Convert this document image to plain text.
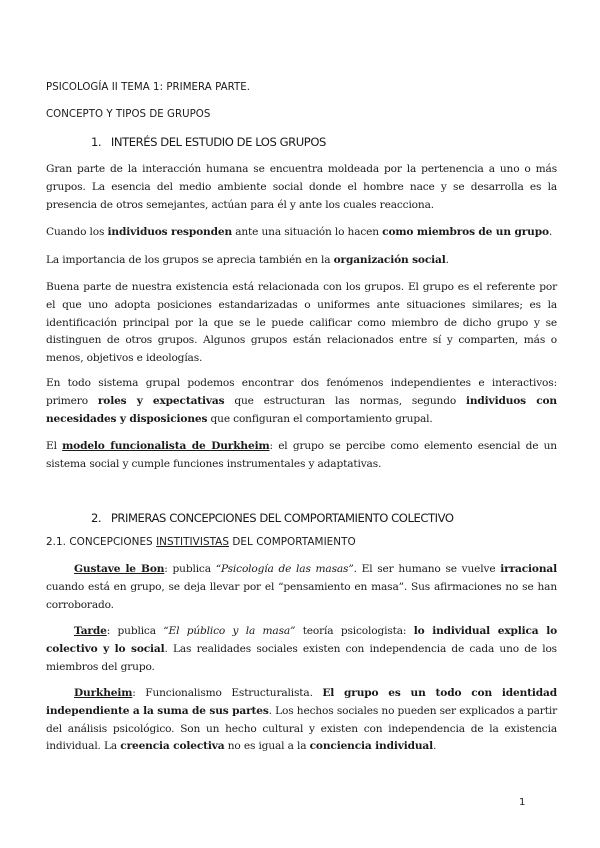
PSICOLOGÍA II TEMA 1: PRIMERA PARTE.
CONCEPTO Y TIPOS DE GRUPOS
1. INTERÉS DEL ESTUDIO DE LOS GRUPOS
Gran parte de la interacción humana se encuentra moldeada por la pertenencia a uno o más grupos. La esencia del medio ambiente social donde el hombre nace y se desarrolla es la presencia de otros semejantes, actúan para él y ante los cuales reacciona.
Cuando los individuos responden ante una situación lo hacen como miembros de un grupo.
La importancia de los grupos se aprecia también en la organización social.
Buena parte de nuestra existencia está relacionada con los grupos. El grupo es el referente por el que uno adopta posiciones estandarizadas o uniformes ante situaciones similares; es la identificación principal por la que se le puede calificar como miembro de dicho grupo y se distinguen de otros grupos. Algunos grupos están relacionados entre sí y comparten, más o menos, objetivos e ideologías.
En todo sistema grupal podemos encontrar dos fenómenos independientes e interactivos: primero roles y expectativas que estructuran las normas, segundo individuos con necesidades y disposiciones que configuran el comportamiento grupal.
El modelo funcionalista de Durkheim: el grupo se percibe como elemento esencial de un sistema social y cumple funciones instrumentales y adaptativas.
2. PRIMERAS CONCEPCIONES DEL COMPORTAMIENTO COLECTIVO
2.1. CONCEPCIONES INSTITIVISTAS DEL COMPORTAMIENTO
Gustave le Bon: publica “Psicología de las masas”. El ser humano se vuelve irracional cuando está en grupo, se deja llevar por el “pensamiento en masa”. Sus afirmaciones no se han corroborado.
Tarde: publica “El público y la masa” teoría psicologista: lo individual explica lo colectivo y lo social. Las realidades sociales existen con independencia de cada uno de los miembros del grupo.
Durkheim: Funcionalismo Estructuralista. El grupo es un todo con identidad independiente a la suma de sus partes. Los hechos sociales no pueden ser explicados a partir del análisis psicológico. Son un hecho cultural y existen con independencia de la existencia individual. La creencia colectiva no es igual a la conciencia individual.
1
